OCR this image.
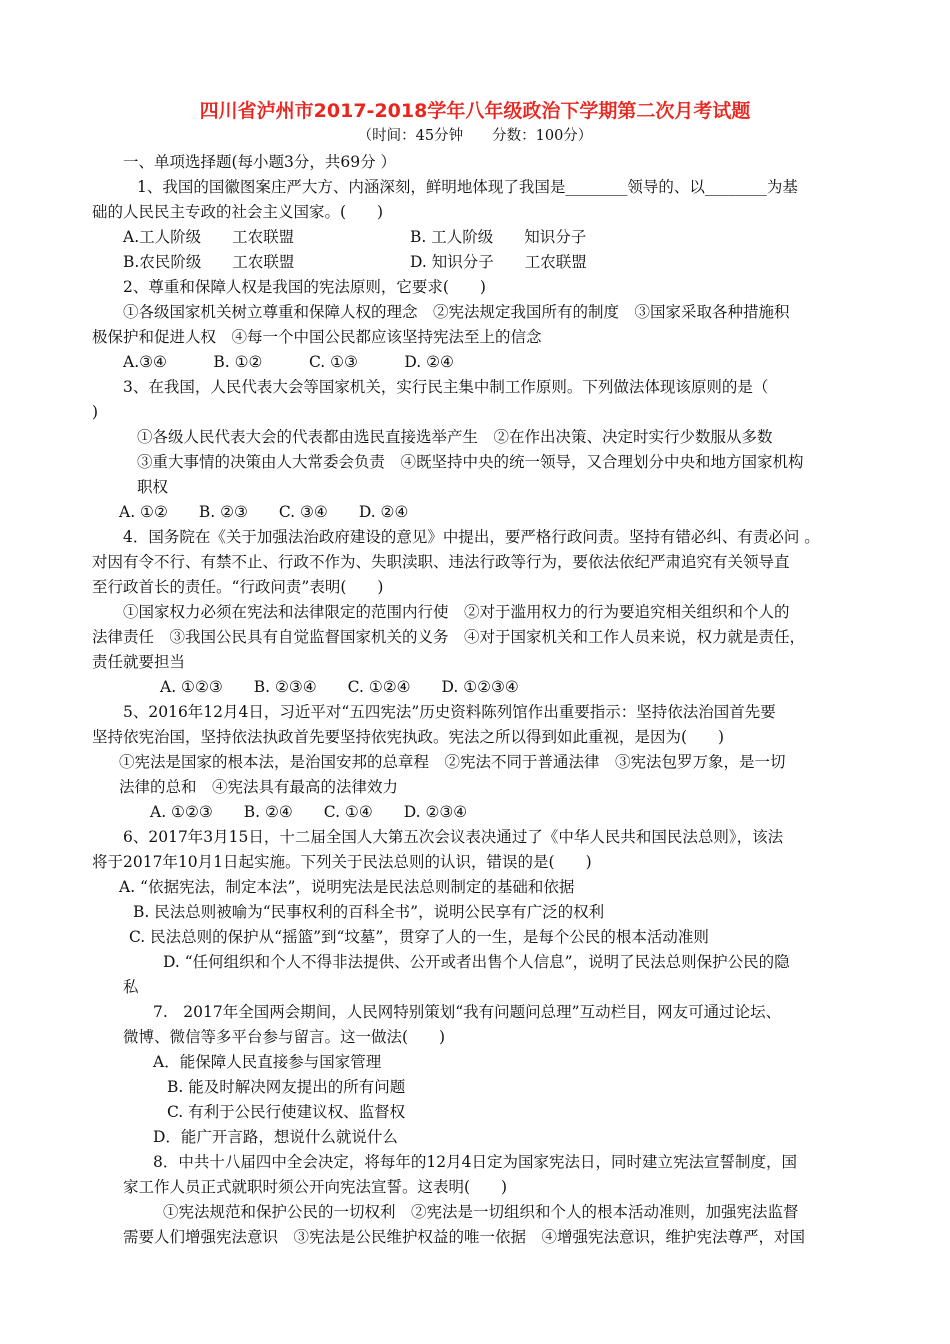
四川省泸州市2017-2018学年八年级政治下学期第二次月考试题
（时间：45分钟　　分数：100分）
一、单项选择题(每小题3分，共69分 ）
1、我国的国徽图案庄严大方、内涵深刻，鲜明地体现了我国是________领导的、以________为基
础的人民民主专政的社会主义国家。(　　)
A.工人阶级　　工农联盟	B. 工人阶级　　知识分子
B.农民阶级　　工农联盟	D. 知识分子　　工农联盟
2、尊重和保障人权是我国的宪法原则，它要求(　　)
①各级国家机关树立尊重和保障人权的理念　②宪法规定我国所有的制度　③国家采取各种措施积
极保护和促进人权　④每一个中国公民都应该坚持宪法至上的信念
A.③④　　　B. ①②　　　C. ①③　　　D. ②④
3、在我国，人民代表大会等国家机关，实行民主集中制工作原则。下列做法体现该原则的是（
)
①各级人民代表大会的代表都由选民直接选举产生　②在作出决策、决定时实行少数服从多数
③重大事情的决策由人大常委会负责　④既坚持中央的统一领导，又合理划分中央和地方国家机构
职权
A. ①②　　B. ②③　　C. ③④　　D. ②④
4．国务院在《关于加强法治政府建设的意见》中提出，要严格行政问责。坚持有错必纠、有责必问 。
对因有令不行、有禁不止、行政不作为、失职渎职、违法行政等行为，要依法依纪严肃追究有关领导直
至行政首长的责任。“行政问责”表明(　　)
①国家权力必须在宪法和法律限定的范围内行使　②对于滥用权力的行为要追究相关组织和个人的
法律责任　③我国公民具有自觉监督国家机关的义务　④对于国家机关和工作人员来说，权力就是责任，
责任就要担当
A. ①②③　　B. ②③④　　C. ①②④　　D. ①②③④
5、2016年12月4日，习近平对“五四宪法”历史资料陈列馆作出重要指示：坚持依法治国首先要
坚持依宪治国，坚持依法执政首先要坚持依宪执政。宪法之所以得到如此重视，是因为(　　)
①宪法是国家的根本法，是治国安邦的总章程　②宪法不同于普通法律　③宪法包罗万象，是一切
法律的总和　④宪法具有最高的法律效力
A. ①②③　　B. ②④　　C. ①④　　D. ②③④
6、2017年3月15日，十二届全国人大第五次会议表决通过了《中华人民共和国民法总则》，该法
将于2017年10月1日起实施。下列关于民法总则的认识，错误的是(　　)
A. “依据宪法，制定本法”，说明宪法是民法总则制定的基础和依据
B. 民法总则被喻为“民事权利的百科全书”，说明公民享有广泛的权利
C. 民法总则的保护从“摇篮”到“坟墓”，贯穿了人的一生，是每个公民的根本活动准则
D. “任何组织和个人不得非法提供、公开或者出售个人信息”，说明了民法总则保护公民的隐
私
7.　2017年全国两会期间，人民网特别策划“我有问题问总理”互动栏目，网友可通过论坛、
微博、微信等多平台参与留言。这一做法(　　)
A．能保障人民直接参与国家管理
B. 能及时解决网友提出的所有问题
C. 有利于公民行使建议权、监督权
D．能广开言路，想说什么就说什么
8．中共十八届四中全会决定，将每年的12月4日定为国家宪法日，同时建立宪法宣誓制度，国
家工作人员正式就职时须公开向宪法宣誓。这表明(　　)
①宪法规范和保护公民的一切权利　②宪法是一切组织和个人的根本活动准则，加强宪法监督
需要人们增强宪法意识　③宪法是公民维护权益的唯一依据　④增强宪法意识，维护宪法尊严，对国
